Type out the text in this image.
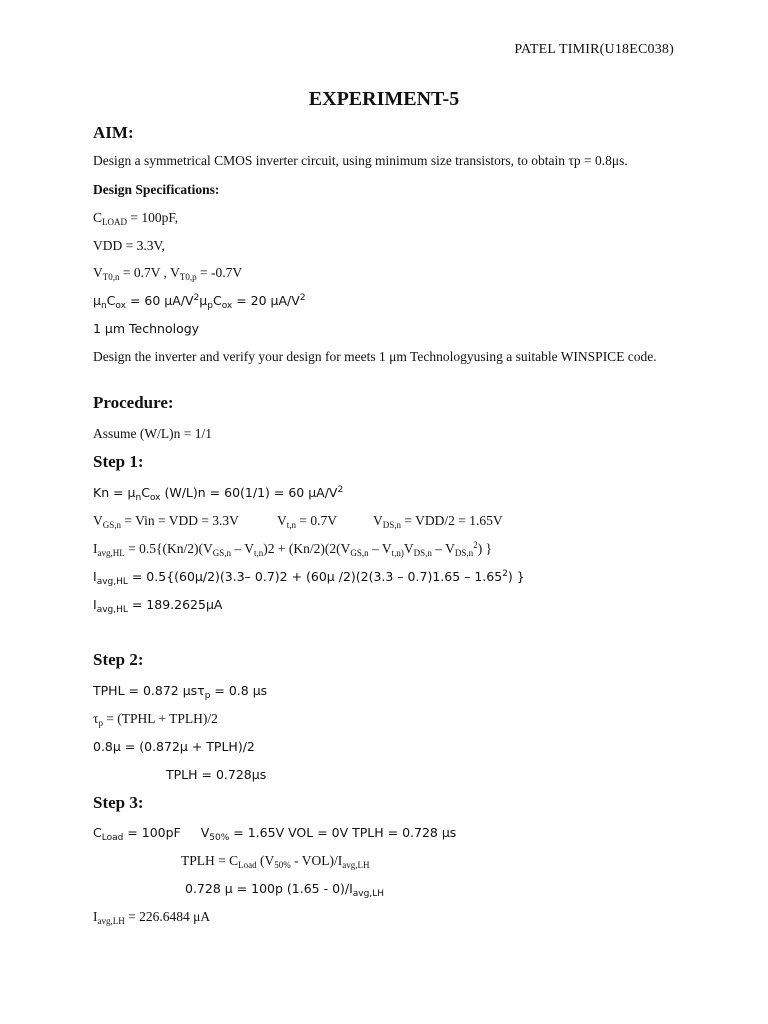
PATEL TIMIR(U18EC038)
EXPERIMENT-5
AIM:
Design a symmetrical CMOS inverter circuit, using minimum size transistors, to obtain τp = 0.8μs.
Design Specifications:
$C_{LOAD} = 100pF$,
VDD = 3.3V,
$V_{T0,n} = 0.7V$ , $V_{T0,p} = -0.7V$
$\mu_nC_{ox} = 60$ $\mu A/V^2\mu_pC_{ox} = 20$ $\mu A/V^2$
1 μm Technology
Design the inverter and verify your design for meets 1 μm Technologyusing a suitable WINSPICE code.
Procedure:
Assume (W/L)n = 1/1
Step 1:
$Kn = \mu_nC_{ox}$ (W/L)n = 60(1/1) = 60 $\mu A/V^2$
$V_{GS,n}$ = Vin = VDD = 3.3V	$V_{t,n} = 0.7V$	$V_{DS,n} = VDD/2 = 1.65V$
$I_{avg,HL} = 0.5\{(Kn/2)(V_{GS,n} - V_{t,n})2 + (Kn/2)(2(V_{GS,n} - V_{t,n)}V_{DS,n} - V_{DS,n}^2)$ }
$I_{avg,HL} = 0.5\{(60\mu/2)(3.3-$ 0.7)2 + (60μ /2)(2(3.3 – 0.7)1.65 – 1.65$^2$) }
$I_{avg,HL} = 189.2625\mu A$
Step 2:
TPHL = 0.872 μsτ$_p$ = 0.8 μs
$\tau_p$ = (TPHL + TPLH)/2
0.8μ = (0.872μ + TPLH)/2
TPLH = 0.728μs
Step 3:
$C_{Load} = 100pF$ $V_{50\%} = 1.65V$ VOL = 0V TPLH = 0.728 μs
TPLH = $C_{Load}$ $(V_{50\%} - VOL)/I_{avg,LH}$
0.728 μ = 100p $(1.65 - 0)/I_{avg,LH}$
$I_{avg,LH} = 226.6484$ μA
